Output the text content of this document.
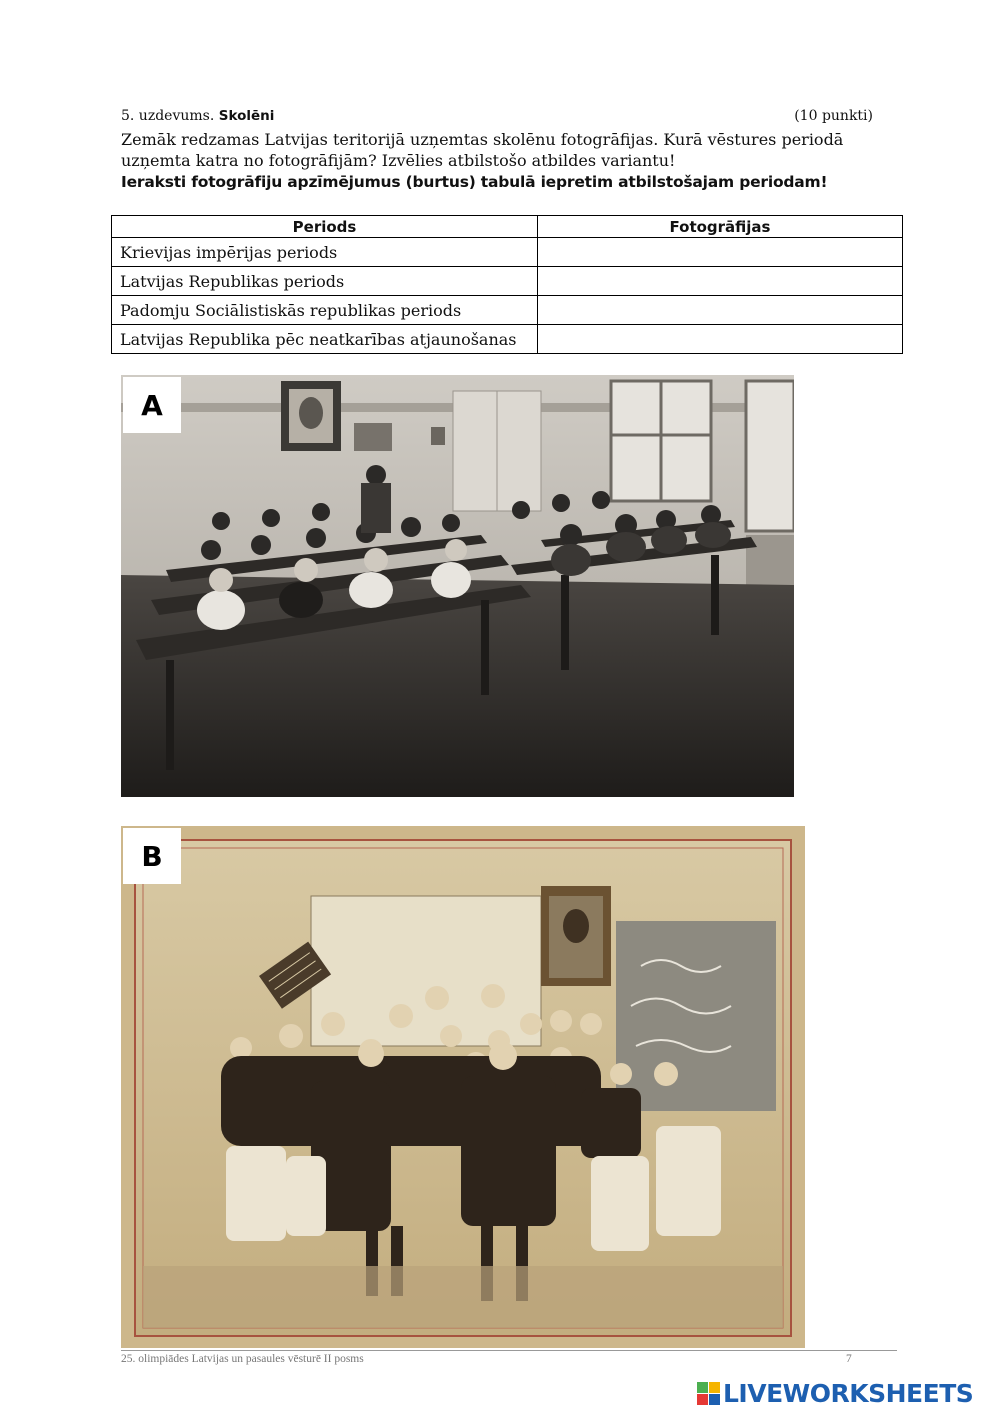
5. uzdevums. Skolēni	(10 punkti)
Zemāk redzamas Latvijas teritorijā uzņemtas skolēnu fotogrāfijas. Kurā vēstures periodā uzņemta katra no fotogrāfijām? Izvēlies atbilstošo atbildes variantu!
Ieraksti fotogrāfiju apzīmējumus (burtus) tabulā iepretim atbilstošajam periodam!
Periods	Fotogrāfijas
Krievijas impērijas periods	
Latvijas Republikas periods	
Padomju Sociālistiskās republikas periods	
Latvijas Republika pēc neatkarības atjaunošanas	
A
B
25. olimpiādes Latvijas un pasaules vēsturē II posms	7
LIVEWORKSHEETS
